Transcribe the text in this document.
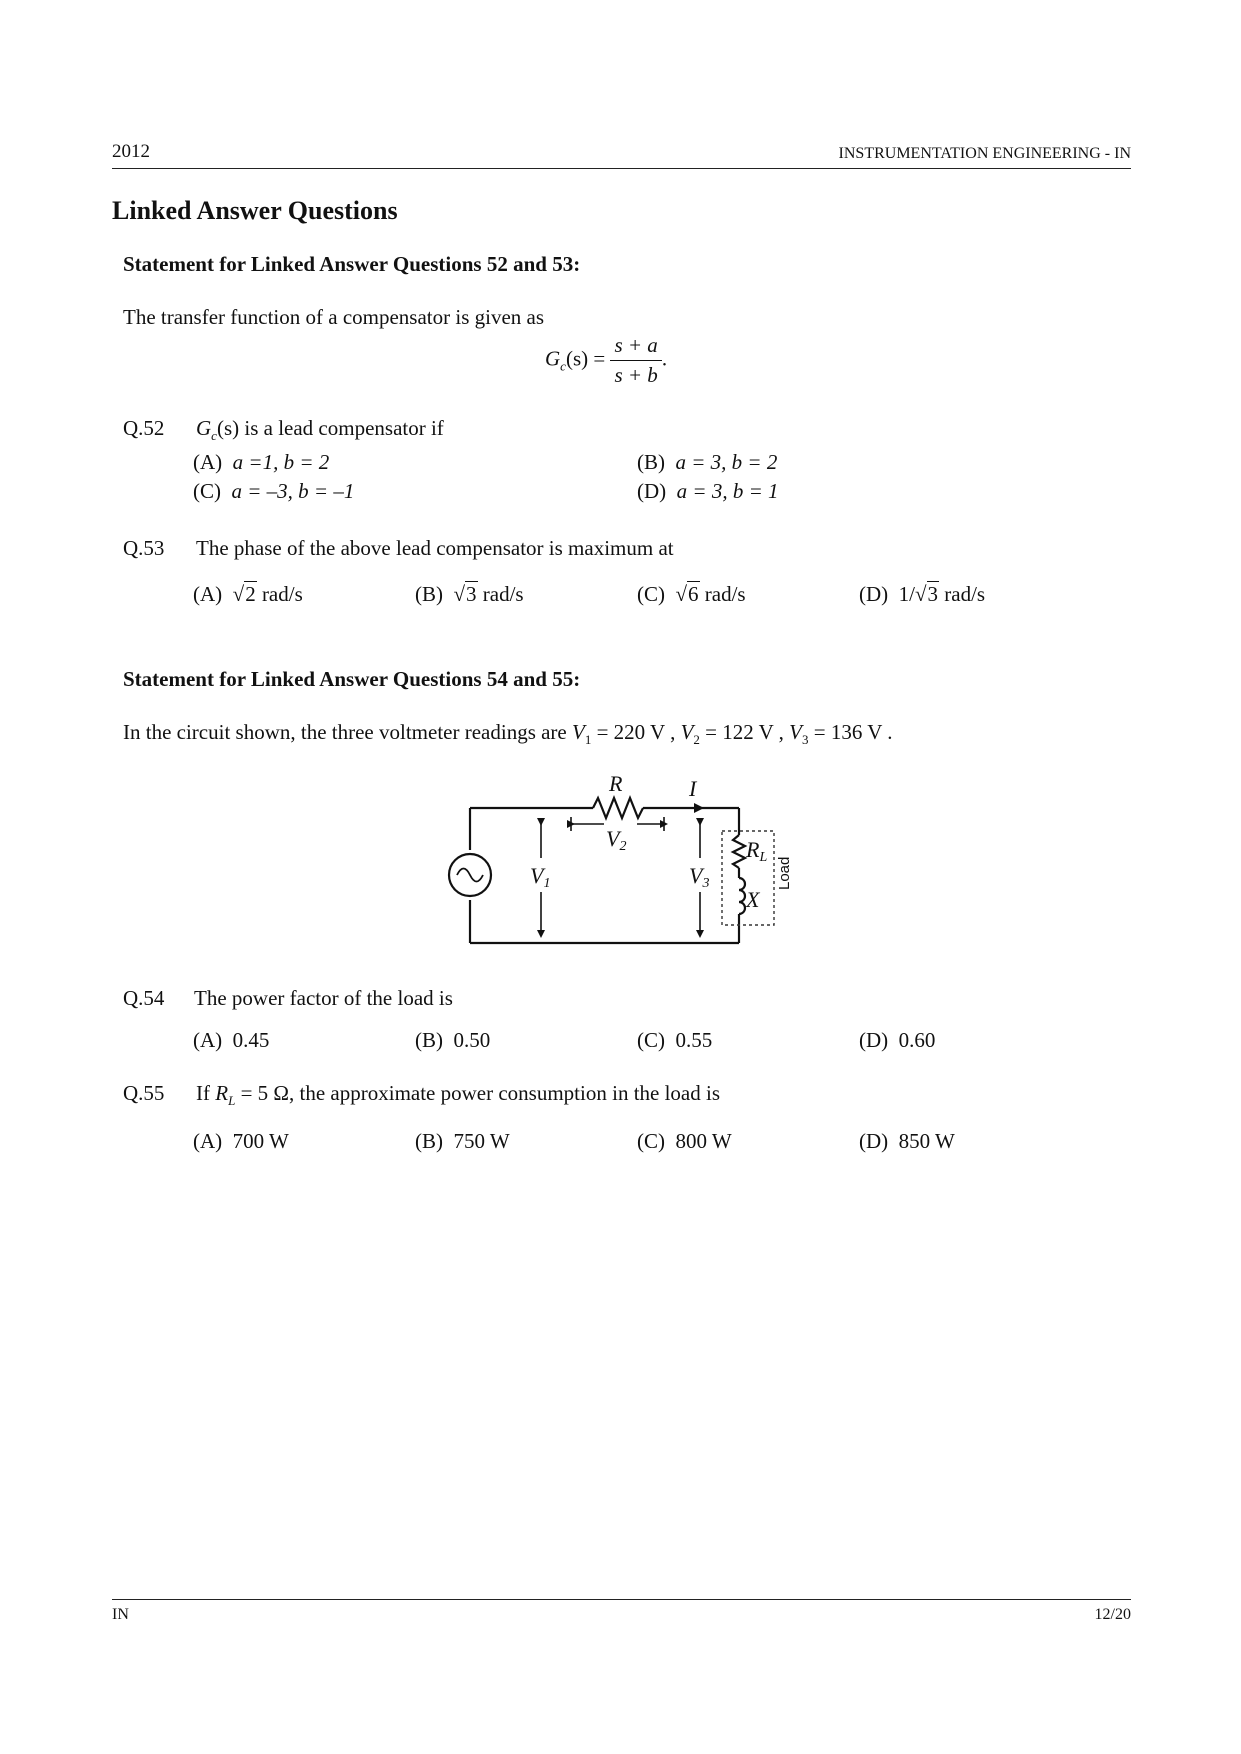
2012	INSTRUMENTATION ENGINEERING - IN
Linked Answer Questions
Statement for Linked Answer Questions 52 and 53:
The transfer function of a compensator is given as
$G_c(s) = \frac{s + a}{s + b}$ .
Q.52 $G_c(s)$ is a lead compensator if
(A) a =1, b = 2	(B) a = 3, b = 2
(C) a = –3, b = –1	(D) a = 3, b = 1
Q.53 The phase of the above lead compensator is maximum at
(A) √2 rad/s	(B) √3 rad/s	(C) √6 rad/s	(D) 1/√3 rad/s
Statement for Linked Answer Questions 54 and 55:
In the circuit shown, the three voltmeter readings are $V_1 = 220$ V , $V_2 = 122$ V , $V_3 = 136$ V .
R	I
V2
V1	V3
RL
X
Load
Q.54 The power factor of the load is
(A) 0.45	(B) 0.50	(C) 0.55	(D) 0.60
Q.55 If $R_L = 5$ Ω, the approximate power consumption in the load is
(A) 700 W	(B) 750 W	(C) 800 W	(D) 850 W
IN	12/20
